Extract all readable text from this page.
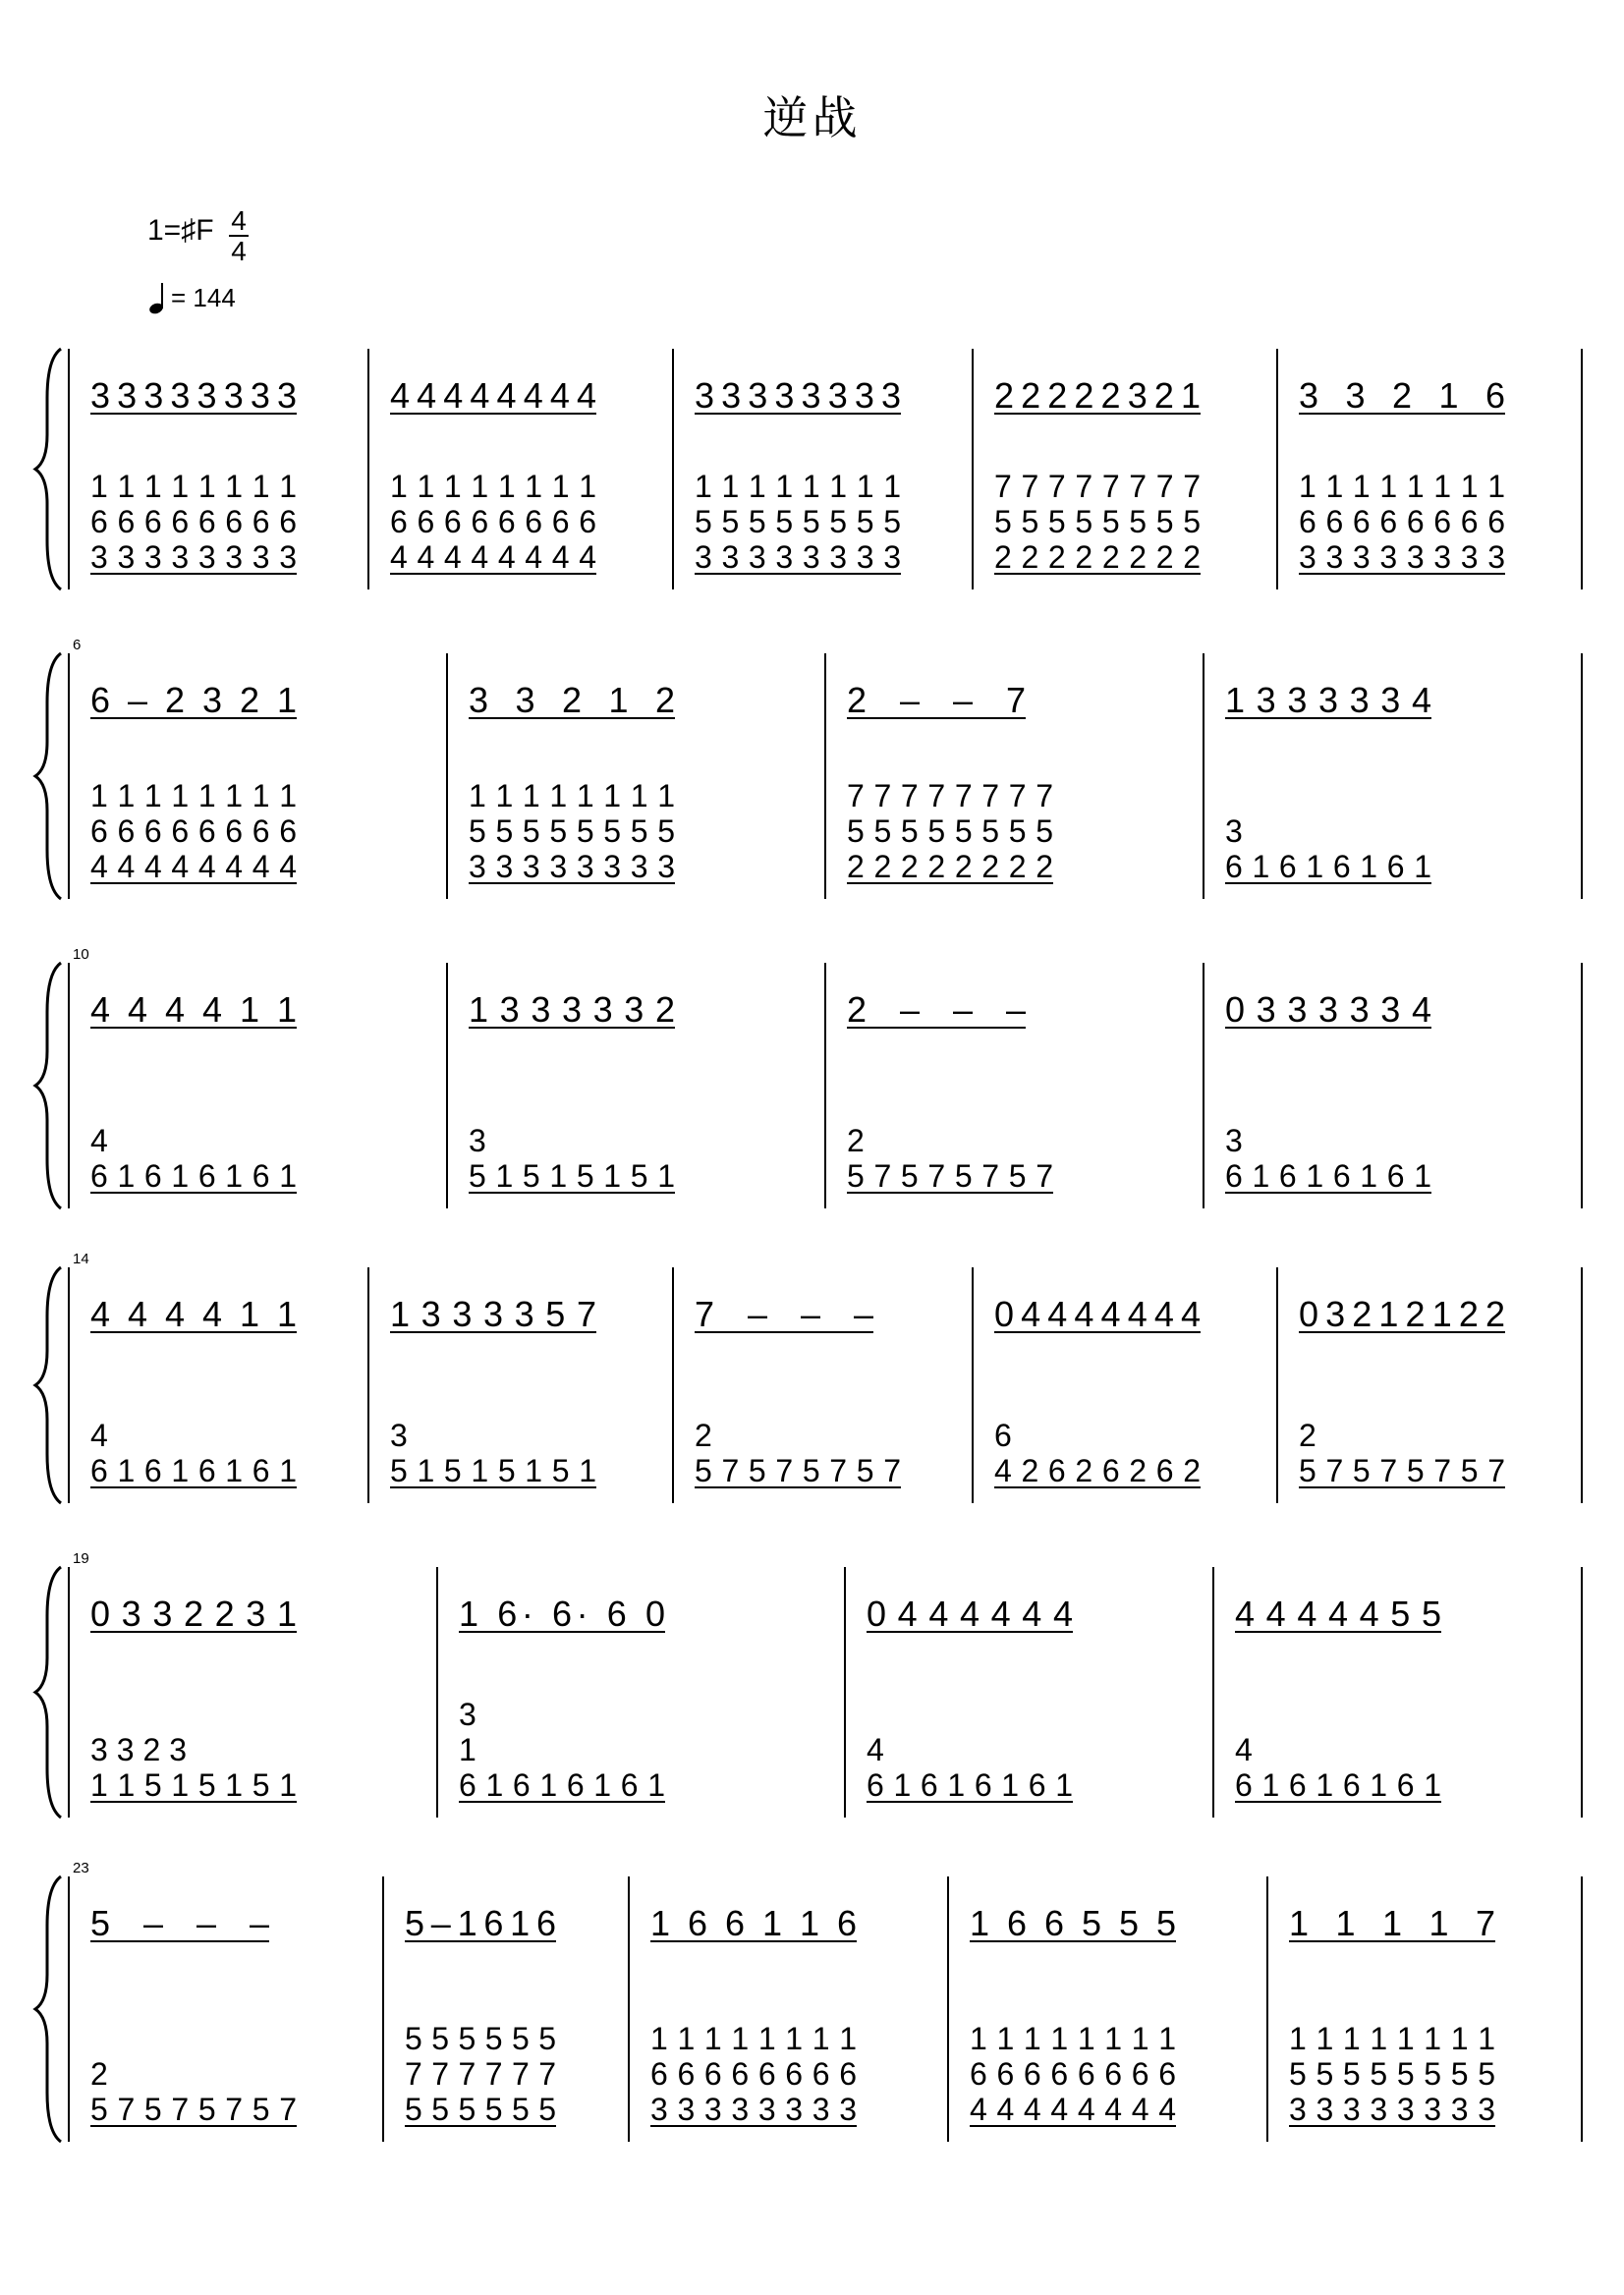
逆战
1=♯F 4
4
= 144
3 3 3 3 3 3 3 3
1 1 1 1 1 1 1 1
6 6 6 6 6 6 6 6
3 3 3 3 3 3 3 3
4 4 4 4 4 4 4 4
1 1 1 1 1 1 1 1
6 6 6 6 6 6 6 6
4 4 4 4 4 4 4 4
3 3 3 3 3 3 3 3
1 1 1 1 1 1 1 1
5 5 5 5 5 5 5 5
3 3 3 3 3 3 3 3
2 2 2 2 2 3 2 1
7 7 7 7 7 7 7 7
5 5 5 5 5 5 5 5
2 2 2 2 2 2 2 2
3 3 2 1 6
1 1 1 1 1 1 1 1
6 6 6 6 6 6 6 6
3 3 3 3 3 3 3 3
6
6 – 2 3 2 1
1 1 1 1 1 1 1 1
6 6 6 6 6 6 6 6
4 4 4 4 4 4 4 4
3 3 2 1 2
1 1 1 1 1 1 1 1
5 5 5 5 5 5 5 5
3 3 3 3 3 3 3 3
2 – – 7
7 7 7 7 7 7 7 7
5 5 5 5 5 5 5 5
2 2 2 2 2 2 2 2
1 3 3 3 3 3 4
3
6 1 6 1 6 1 6 1
10
4 4 4 4 1 1
4
6 1 6 1 6 1 6 1
1 3 3 3 3 3 2
3
5 1 5 1 5 1 5 1
2 – – –
2
5 7 5 7 5 7 5 7
0 3 3 3 3 3 4
3
6 1 6 1 6 1 6 1
14
4 4 4 4 1 1
4
6 1 6 1 6 1 6 1
1 3 3 3 3 5 7
3
5 1 5 1 5 1 5 1
7 – – –
2
5 7 5 7 5 7 5 7
0 4 4 4 4 4 4 4
6
4 2 6 2 6 2 6 2
0 3 2 1 2 1 2 2
2
5 7 5 7 5 7 5 7
19
0 3 3 2 2 3 1
3 3 2 3
1 1 5 1 5 1 5 1
1 6· 6· 6 0
3
1
6 1 6 1 6 1 6 1
0 4 4 4 4 4 4
4
6 1 6 1 6 1 6 1
4 4 4 4 4 5 5
4
6 1 6 1 6 1 6 1
23
5 – – –
2
5 7 5 7 5 7 5 7
5 – 1 6 1 6
5 5 5 5 5 5
7 7 7 7 7 7
5 5 5 5 5 5
1 6 6 1 1 6
1 1 1 1 1 1 1 1
6 6 6 6 6 6 6 6
3 3 3 3 3 3 3 3
1 6 6 5 5 5
1 1 1 1 1 1 1 1
6 6 6 6 6 6 6 6
4 4 4 4 4 4 4 4
1 1 1 1 7
1 1 1 1 1 1 1 1
5 5 5 5 5 5 5 5
3 3 3 3 3 3 3 3
